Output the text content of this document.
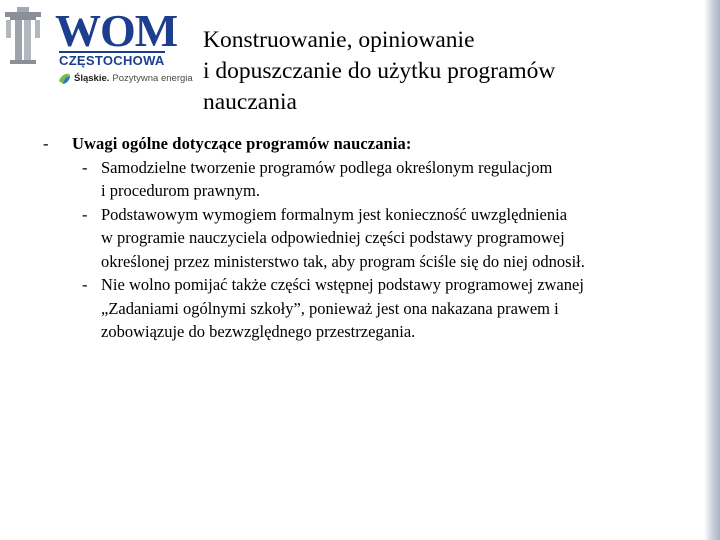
WOM
CZĘSTOCHOWA
Śląskie. Pozytywna energia
Konstruowanie, opiniowanie
i dopuszczanie do użytku programów
nauczania
- Uwagi ogólne dotyczące programów nauczania:
- Samodzielne tworzenie programów podlega określonym regulacjom
i procedurom prawnym.
- Podstawowym wymogiem formalnym jest konieczność uwzględnienia
w programie nauczyciela odpowiedniej części podstawy programowej
określonej przez ministerstwo tak, aby program ściśle się do niej odnosił.
- Nie wolno pomijać także części wstępnej podstawy programowej zwanej
„Zadaniami ogólnymi szkoły”, ponieważ jest ona nakazana prawem i
zobowiązuje do bezwzględnego przestrzegania.
